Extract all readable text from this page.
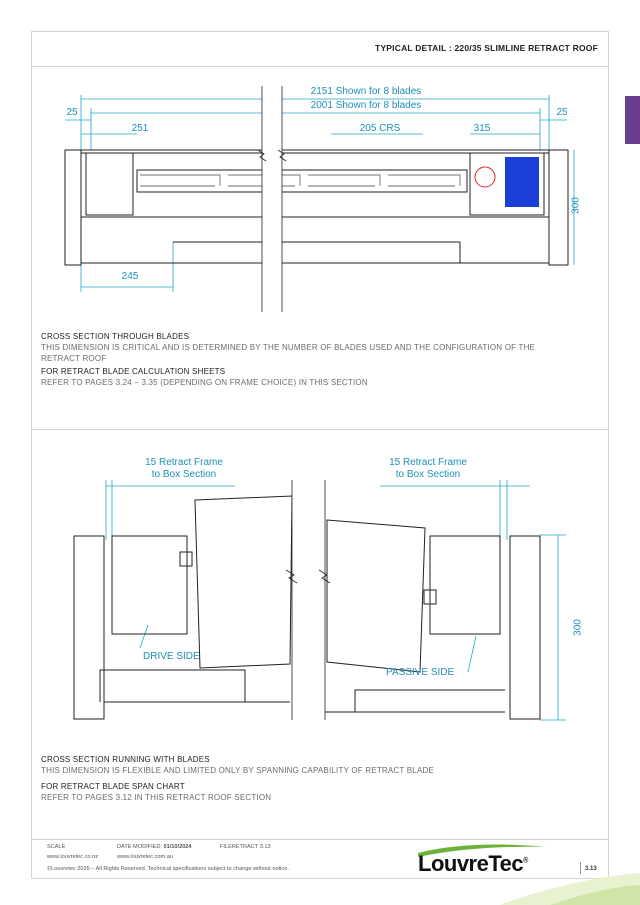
TYPICAL DETAIL : 220/35 SLIMLINE RETRACT ROOF
2151 Shown for 8 blades
2001 Shown for 8 blades
25	25
251	205 CRS	315
300
245
CROSS SECTION THROUGH BLADES
THIS DIMENSION IS CRITICAL AND IS DETERMINED BY THE NUMBER OF BLADES USED AND THE CONFIGURATION OF THE RETRACT ROOF
FOR RETRACT BLADE CALCULATION SHEETS
REFER TO PAGES 3.24 – 3.35 (DEPENDING ON FRAME CHOICE) IN THIS SECTION
15 Retract Frame
to Box Section
15 Retract Frame
to Box Section
DRIVE SIDE
PASSIVE SIDE
300
CROSS SECTION RUNNING WITH BLADES
THIS DIMENSION IS FLEXIBLE AND LIMITED ONLY BY SPANNING CAPABILITY OF RETRACT BLADE
FOR RETRACT BLADE SPAN CHART
REFER TO PAGES 3.12 IN THIS RETRACT ROOF SECTION
SCALE	DATE MODIFIED: 01/10/2024	FILERETRACT 3.13
www.louvretec.co.nz	www.louvretec.com.au
©Louvretec 2025 – All Rights Reserved. Technical specifications subject to change without notice.	LouvreTec®
3.13
